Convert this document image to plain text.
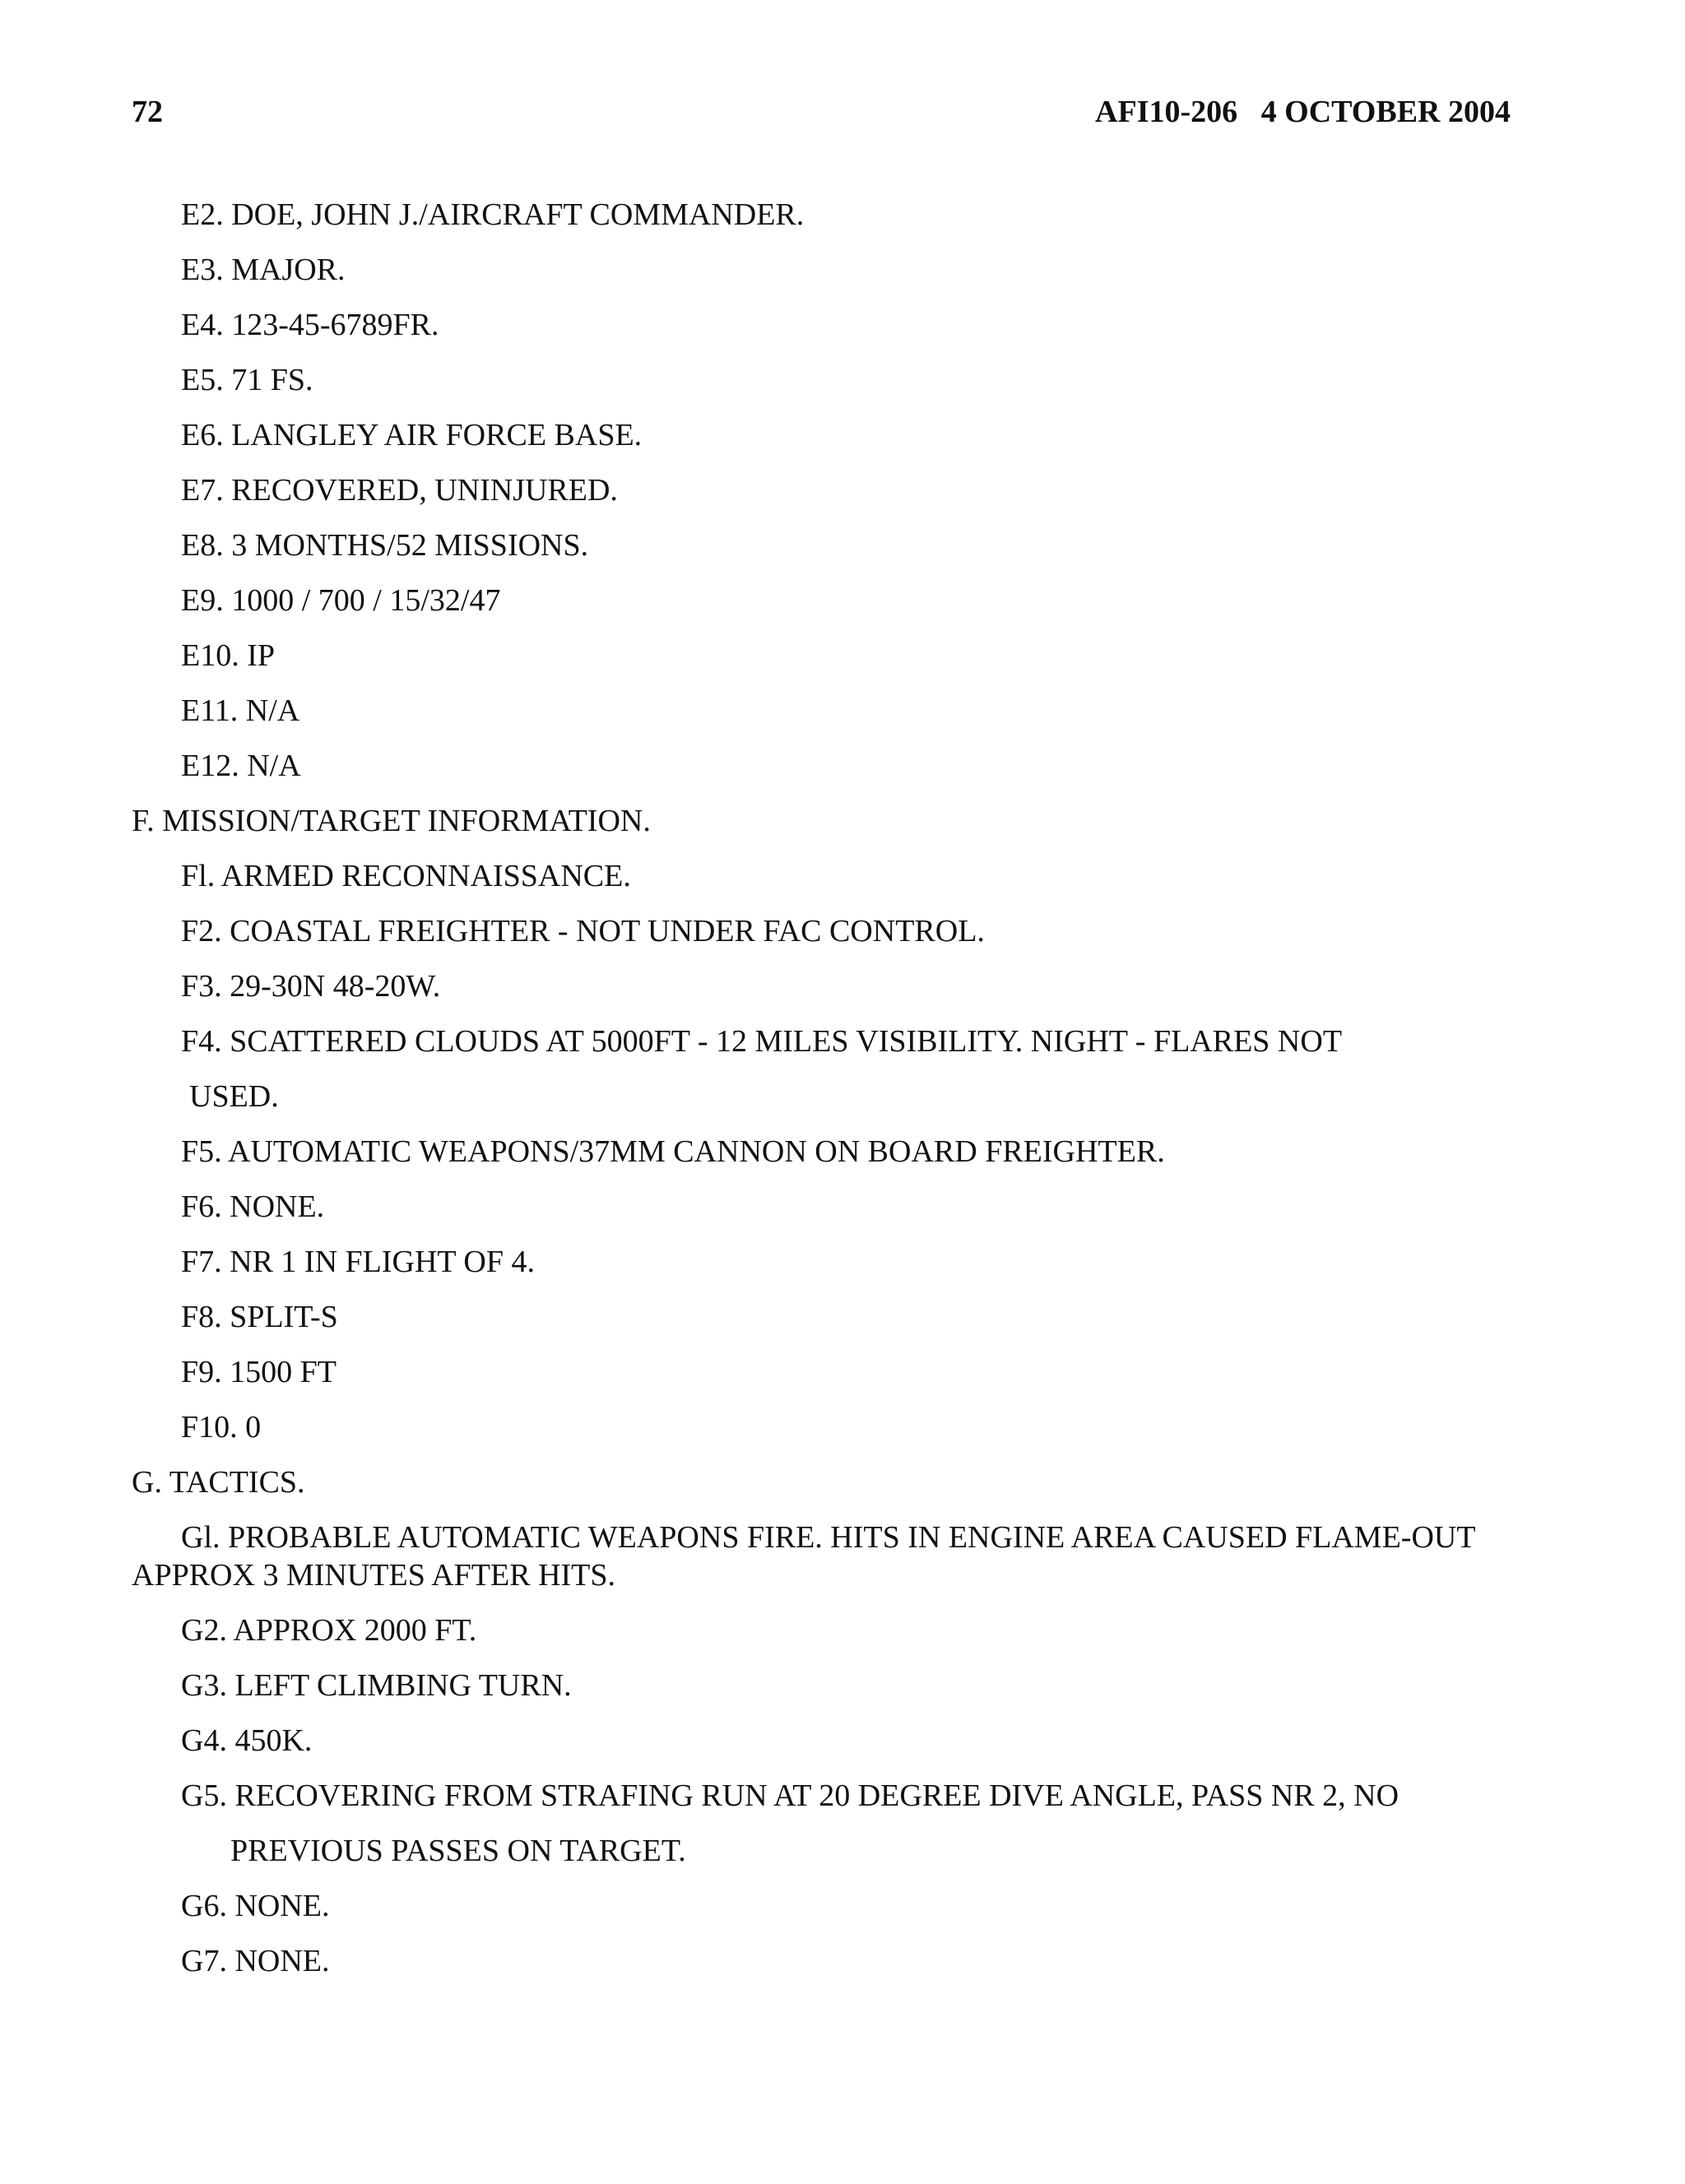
72	AFI10-206   4 OCTOBER 2004
E2. DOE, JOHN J./AIRCRAFT COMMANDER.
E3. MAJOR.
E4. 123-45-6789FR.
E5. 71 FS.
E6. LANGLEY AIR FORCE BASE.
E7. RECOVERED, UNINJURED.
E8. 3 MONTHS/52 MISSIONS.
E9. 1000 / 700 / 15/32/47
E10. IP
E11. N/A
E12. N/A
F. MISSION/TARGET INFORMATION.
Fl. ARMED RECONNAISSANCE.
F2. COASTAL FREIGHTER - NOT UNDER FAC CONTROL.
F3. 29-30N 48-20W.
F4. SCATTERED CLOUDS AT 5000FT - 12 MILES VISIBILITY. NIGHT - FLARES NOT
USED.
F5. AUTOMATIC WEAPONS/37MM CANNON ON BOARD FREIGHTER.
F6. NONE.
F7. NR 1 IN FLIGHT OF 4.
F8. SPLIT-S
F9. 1500 FT
F10. 0
G. TACTICS.
Gl. PROBABLE AUTOMATIC WEAPONS FIRE. HITS IN ENGINE AREA CAUSED FLAME-OUT APPROX 3 MINUTES AFTER HITS.
G2. APPROX 2000 FT.
G3. LEFT CLIMBING TURN.
G4. 450K.
G5. RECOVERING FROM STRAFING RUN AT 20 DEGREE DIVE ANGLE, PASS NR 2, NO
PREVIOUS PASSES ON TARGET.
G6. NONE.
G7. NONE.
